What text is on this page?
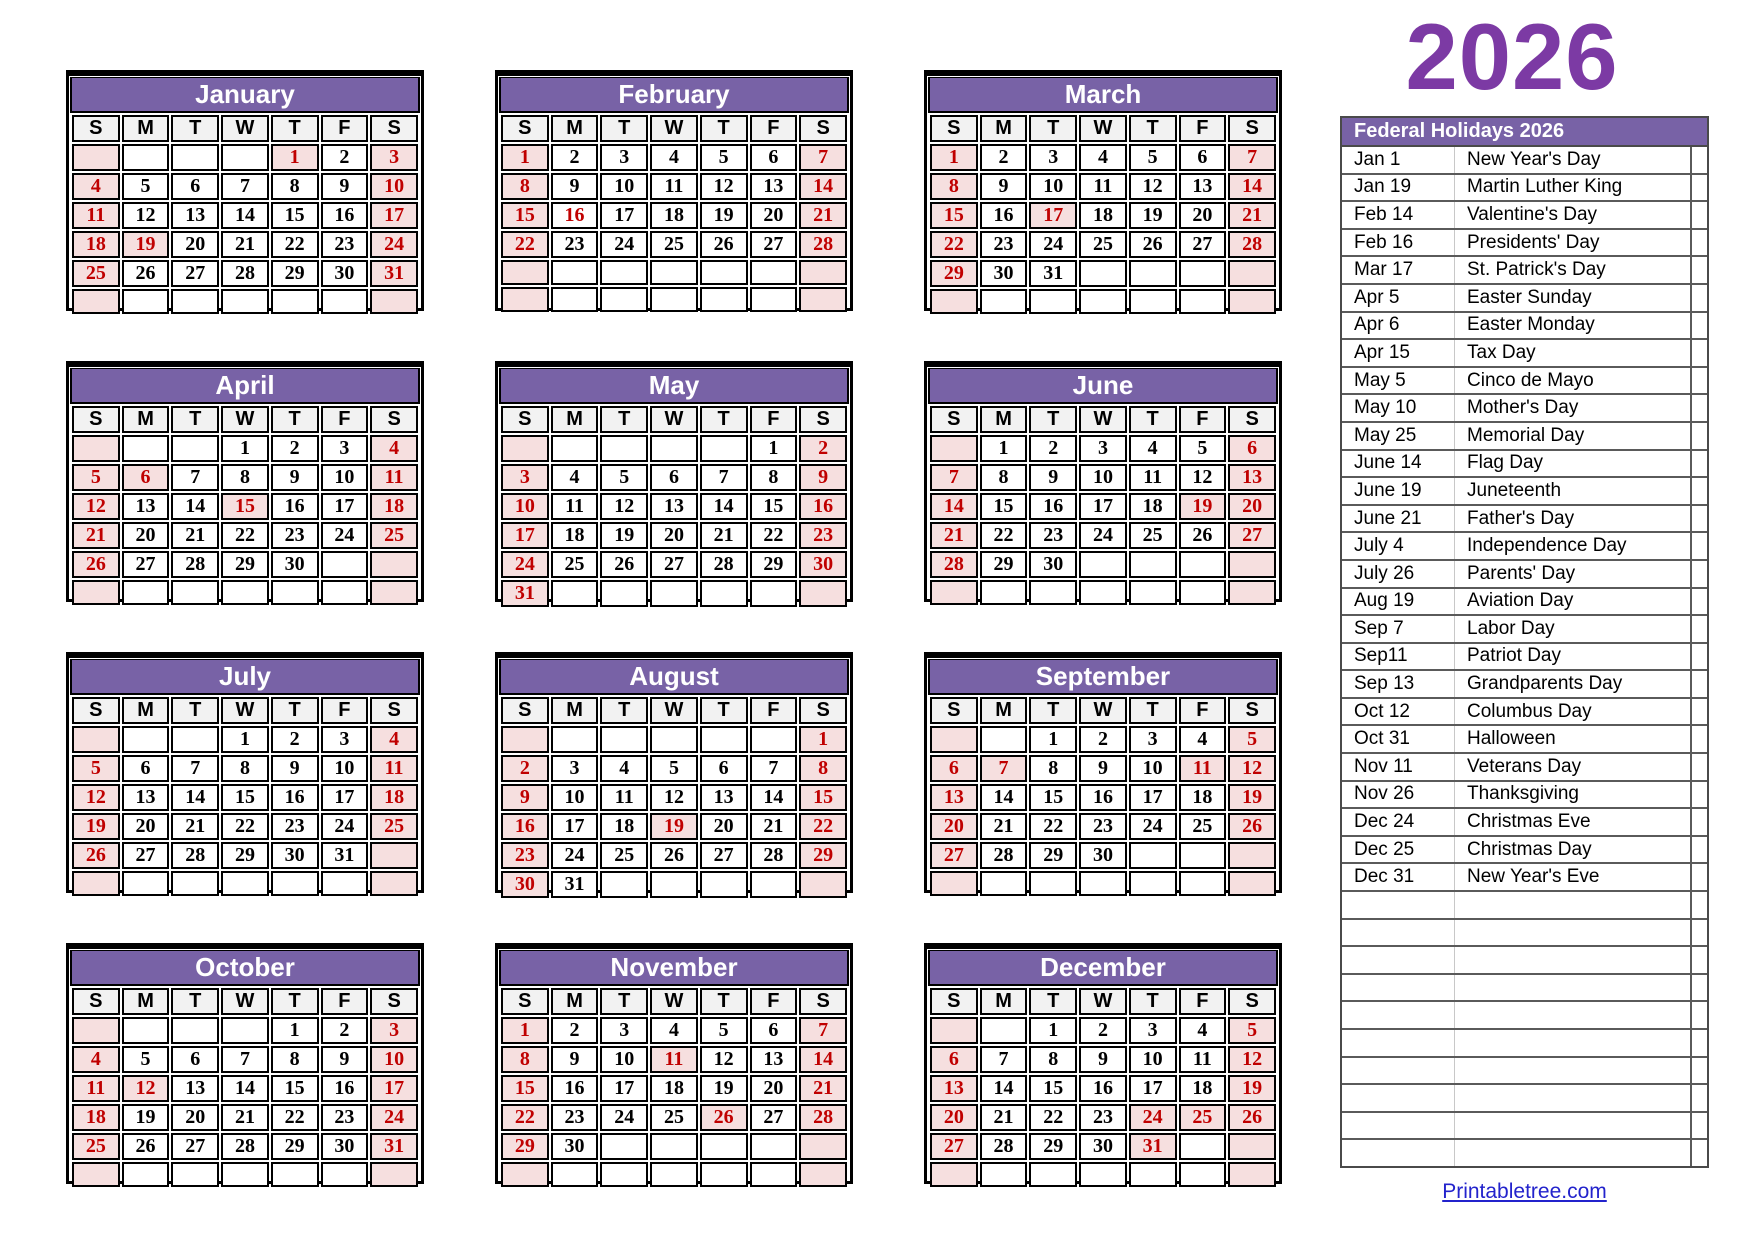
2026
January
S	M	T	W	T	F	S
				1	2	3
4	5	6	7	8	9	10
11	12	13	14	15	16	17
18	19	20	21	22	23	24
25	26	27	28	29	30	31

February
S	M	T	W	T	F	S
1	2	3	4	5	6	7
8	9	10	11	12	13	14
15	16	17	18	19	20	21
22	23	24	25	26	27	28

March
S	M	T	W	T	F	S
1	2	3	4	5	6	7
8	9	10	11	12	13	14
15	16	17	18	19	20	21
22	23	24	25	26	27	28
29	30	31				

April
S	M	T	W	T	F	S
			1	2	3	4
5	6	7	8	9	10	11
12	13	14	15	16	17	18
21	20	21	22	23	24	25
26	27	28	29	30		

May
S	M	T	W	T	F	S
					1	2
3	4	5	6	7	8	9
10	11	12	13	14	15	16
17	18	19	20	21	22	23
24	25	26	27	28	29	30
31						
June
S	M	T	W	T	F	S
	1	2	3	4	5	6
7	8	9	10	11	12	13
14	15	16	17	18	19	20
21	22	23	24	25	26	27
28	29	30				

July
S	M	T	W	T	F	S
			1	2	3	4
5	6	7	8	9	10	11
12	13	14	15	16	17	18
19	20	21	22	23	24	25
26	27	28	29	30	31	

August
S	M	T	W	T	F	S
						1
2	3	4	5	6	7	8
9	10	11	12	13	14	15
16	17	18	19	20	21	22
23	24	25	26	27	28	29
30	31					
September
S	M	T	W	T	F	S
		1	2	3	4	5
6	7	8	9	10	11	12
13	14	15	16	17	18	19
20	21	22	23	24	25	26
27	28	29	30			

October
S	M	T	W	T	F	S
				1	2	3
4	5	6	7	8	9	10
11	12	13	14	15	16	17
18	19	20	21	22	23	24
25	26	27	28	29	30	31

November
S	M	T	W	T	F	S
1	2	3	4	5	6	7
8	9	10	11	12	13	14
15	16	17	18	19	20	21
22	23	24	25	26	27	28
29	30					

December
S	M	T	W	T	F	S
		1	2	3	4	5
6	7	8	9	10	11	12
13	14	15	16	17	18	19
20	21	22	23	24	25	26
27	28	29	30	31		

Federal Holidays 2026
Jan 1	New Year's Day	
Jan 19	Martin Luther King	
Feb 14	Valentine's Day	
Feb 16	Presidents' Day	
Mar 17	St. Patrick's Day	
Apr 5	Easter Sunday	
Apr 6	Easter Monday	
Apr 15	Tax Day	
May 5	Cinco de Mayo	
May 10	Mother's Day	
May 25	Memorial Day	
June 14	Flag Day	
June 19	Juneteenth	
June 21	Father's Day	
July 4	Independence Day	
July 26	Parents' Day	
Aug 19	Aviation Day	
Sep 7	Labor Day	
Sep11	Patriot Day	
Sep 13	Grandparents Day	
Oct 12	Columbus Day	
Oct 31	Halloween	
Nov 11	Veterans Day	
Nov 26	Thanksgiving	
Dec 24	Christmas Eve	
Dec 25	Christmas Day	
Dec 31	New Year's Eve	

Printabletree.com
